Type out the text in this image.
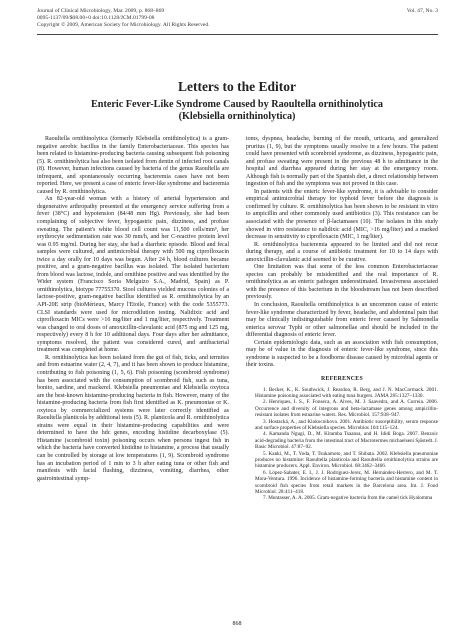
Journal of Clinical Microbiology, Mar. 2009, p. 868–869
0095-1137/09/$08.00+0 doi:10.1128/JCM.01799-08
Copyright © 2009, American Society for Microbiology. All Rights Reserved.
Vol. 47, No. 3
Letters to the Editor
Enteric Fever-Like Syndrome Caused by Raoultella ornithinolytica
(Klebsiella ornithinolytica)

Raoultella ornithinolytica (formerly Klebsiella ornithinolytica) is a gram-negative aerobic bacillus in the family Enterobacteriaceae. This species has been related to histamine-producing bacteria causing subsequent fish poisoning (5). R. ornithinolytica has also been isolated from dentin of infected root canals (8). However, human infections caused by bacteria of the genus Raoultella are infrequent, and spontaneously occurring bacteremia cases have not been reported. Here, we present a case of enteric fever-like syndrome and bacteremia caused by R. ornithinolytica.

An 82-year-old woman with a history of arterial hypertension and degenerative arthropathy presented at the emergency service suffering from a fever (38°C) and hypotension (84/48 mm Hg). Previously, she had been complaining of subjective fever, hypogastric pain, dizziness, and profuse sweating. The patient's white blood cell count was 11,500 cells/mm³, her erythrocyte sedimentation rate was 30 mm/h, and her C-reactive protein level was 0.95 mg/ml. During her stay, she had a diarrheic episode. Blood and fecal samples were cultured, and antimicrobial therapy with 500 mg ciprofloxacin twice a day orally for 10 days was begun. After 24 h, blood cultures became positive, and a gram-negative bacillus was isolated. The isolated bacterium from blood was lactose, indole, and ornithine positive and was identified by the Wider system (Francisco Soria Melguizo S.A., Madrid, Spain) as P. ornithinolytica, biotype 77755370. Stool cultures yielded mucous colonies of a lactose-positive, gram-negative bacillus identified as R. ornithinolytica by an API-20E strip (bioMérieux, Marcy l'Etoile, France) with the code 5355773. CLSI standards were used for microdilution testing. Nalidixic acid and ciprofloxacin MICs were >16 mg/liter and 1 mg/liter, respectively. Treatment was changed to oral doses of amoxicillin-clavulanic acid (875 mg and 125 mg, respectively) every 8 h for 10 additional days. Four days after her admittance, symptoms resolved, the patient was considered cured, and antibacterial treatment was completed at home.

R. ornithinolytica has been isolated from the gut of fish, ticks, and termites and from estuarine water (2, 4, 7), and it has been shown to produce histamine, contributing to fish poisoning (1, 5, 6). Fish poisoning (scombroid syndrome) has been associated with the consumption of scombroid fish, such as tuna, bonito, sardine, and mackerel. Klebsiella pneumoniae and Klebsiella oxytoca are the best-known histamine-producing bacteria in fish. However, many of the histamine-producing bacteria from fish first identified as K. pneumoniae or K. oxytoca by commercialized systems were later correctly identified as Raoultella planticola by additional tests (5). R. planticola and R. ornithinolytica strains were equal in their histamine-producing capabilities and were determined to have the hdc genes, encoding histidine decarboxylase (5). Histamine (scombroid toxin) poisoning occurs when persons ingest fish in which the bacteria have converted histidine to histamine, a process that usually can be controlled by storage at low temperatures (1, 9). Scombroid syndrome has an incubation period of 1 min to 3 h after eating tuna or other fish and manifests with facial flushing, dizziness, vomiting, diarrhea, other gastrointestinal symp-

toms, dyspnea, headache, burning of the mouth, urticaria, and generalized pruritus (1, 9), but the symptoms usually resolve in a few hours. The patient could have presented with scombroid syndrome, as dizziness, hypogastric pain, and profuse sweating were present in the previous 48 h to admittance in the hospital and diarrhea appeared during her stay at the emergency room. Although fish is normally part of the Spanish diet, a direct relationship between ingestion of fish and the symptoms was not proved in this case.

In patients with the enteric fever-like syndrome, it is advisable to consider empirical antimicrobial therapy for typhoid fever before the diagnosis is confirmed by culture. R. ornithinolytica has been shown to be resistant in vitro to ampicillin and other commonly used antibiotics (3). This resistance can be associated with the presence of β-lactamases (10). The isolates in this study showed in vitro resistance to nalidixic acid (MIC, >16 mg/liter) and a marked decrease in sensitivity to ciprofloxacin (MIC, 1 mg/liter).

R. ornithinolytica bacteremia appeared to be limited and did not recur during therapy, and a course of antibiotic treatment for 10 to 14 days with amoxicillin-clavulanic acid seemed to be curative.

One limitation was that some of the less common Enterobacteriaceae species can probably be misidentified and the real importance of R. ornithinolytica as an enteric pathogen underestimated. Invasiveness associated with the presence of this bacterium in the bloodstream has not been described previously.

In conclusion, Raoultella ornithinolytica is an uncommon cause of enteric fever-like syndrome characterized by fever, headache, and abdominal pain that may be clinically indistinguishable from enteric fever caused by Salmonella enterica serovar Typhi or other salmonellae and should be included in the differential diagnosis of enteric fever.

Certain epidemiologic data, such as an association with fish consumption, may be of value in the diagnosis of enteric fever-like syndrome, since this syndrome is suspected to be a foodborne disease caused by microbial agents or their toxins.

REFERENCES

1. Becker, K., K. Southwick, J. Reardon, R. Berg, and J. N. MacCormack. 2001. Histamine poisoning associated with eating tuna burgers. JAMA 285:1327–1330.

2. Henriques, I. S., F. Fonseca, A. Alves, M. J. Saavedra, and A. Correia. 2006. Occurrence and diversity of integrons and beta-lactamase genes among ampicillin-resistant isolates from estuarine waters. Res. Microbiol. 157:938–947.

3. Hostacká, A., and Klokocnikova. 2001. Antibiotic susceptibility, serum response and surface properties of Klebsiella species. Microbios 104:115–124.

4. Kamanda Ngugi, D., M. Kitamba Tsaansa, and H. Ididi Boga. 2007. Benzoic acid-degrading bacteria from the intestinal tract of Macrotermes michaelseni Sjöstedt. J. Basic Microbiol. 47:87–92.

5. Kanki, M., T. Yoda, T. Tsukamoto, and T. Shibata. 2002. Klebsiella pneumoniae produces no histamine: Raoultella planticola and Raoultella ornithinolytica strains are histamine producers. Appl. Environ. Microbiol. 68:3462–3466.

6. López-Sabater, E. I., J. J. Rodríguez-Jerez, M. Hernández-Herrero, and M. T. Mora-Ventura. 1996. Incidence of histamine-forming bacteria and histamine content in scombroid fish species from retail markets in the Barcelona area. Int. J. Food Microbiol. 28:411–418.

7. Montasser, A. A. 2005. Gram-negative bacteria from the camel tick Hyalomma

868
